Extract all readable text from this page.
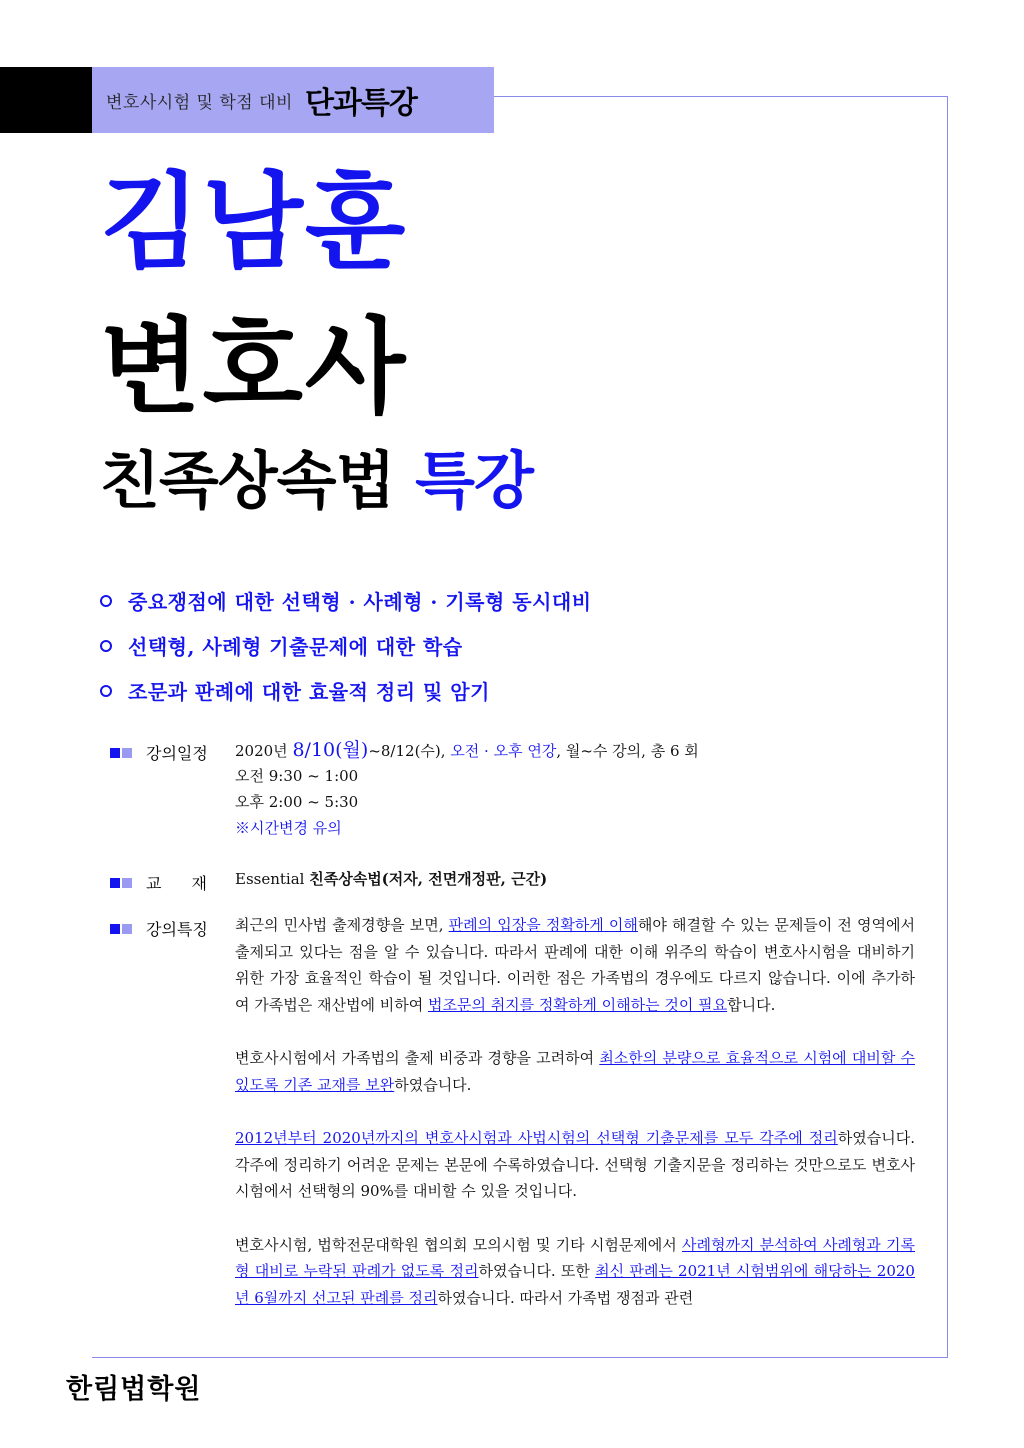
변호사시험 및 학점 대비 단과특강
김남훈
변호사
친족상속법 특강
중요쟁점에 대한 선택형 · 사례형 · 기록형 동시대비
선택형, 사례형 기출문제에 대한 학습
조문과 판례에 대한 효율적 정리 및 암기
강의일정 2020년 8/10(월)~8/12(수), 오전 · 오후 연강, 월~수 강의, 총 6 회
오전 9:30 ~ 1:00
오후 2:00 ~ 5:30
※시간변경 유의
교재
Essential 친족상속법(저자, 전면개정판, 근간)
강의특징 최근의 민사법 출제경향을 보면, 판례의 입장을 정확하게 이해해야 해결할 수 있는 문제들이 전 영역에서 출제되고 있다는 점을 알 수 있습니다. 따라서 판례에 대한 이해 위주의 학습이 변호사시험을 대비하기 위한 가장 효율적인 학습이 될 것입니다. 이러한 점은 가족법의 경우에도 다르지 않습니다. 이에 추가하여 가족법은 재산법에 비하여 법조문의 취지를 정확하게 이해하는 것이 필요합니다.
변호사시험에서 가족법의 출제 비중과 경향을 고려하여 최소한의 분량으로 효율적으로 시험에 대비할 수 있도록 기존 교재를 보완하였습니다.
2012년부터 2020년까지의 변호사시험과 사법시험의 선택형 기출문제를 모두 각주에 정리하였습니다. 각주에 정리하기 어려운 문제는 본문에 수록하였습니다. 선택형 기출지문을 정리하는 것만으로도 변호사시험에서 선택형의 90%를 대비할 수 있을 것입니다.
변호사시험, 법학전문대학원 협의회 모의시험 및 기타 시험문제에서 사례형까지 분석하여 사례형과 기록형 대비로 누락된 판례가 없도록 정리하였습니다. 또한 최신 판례는 2021년 시험범위에 해당하는 2020년 6월까지 선고된 판례를 정리하였습니다. 따라서 가족법 쟁점과 관련
한림법학원
